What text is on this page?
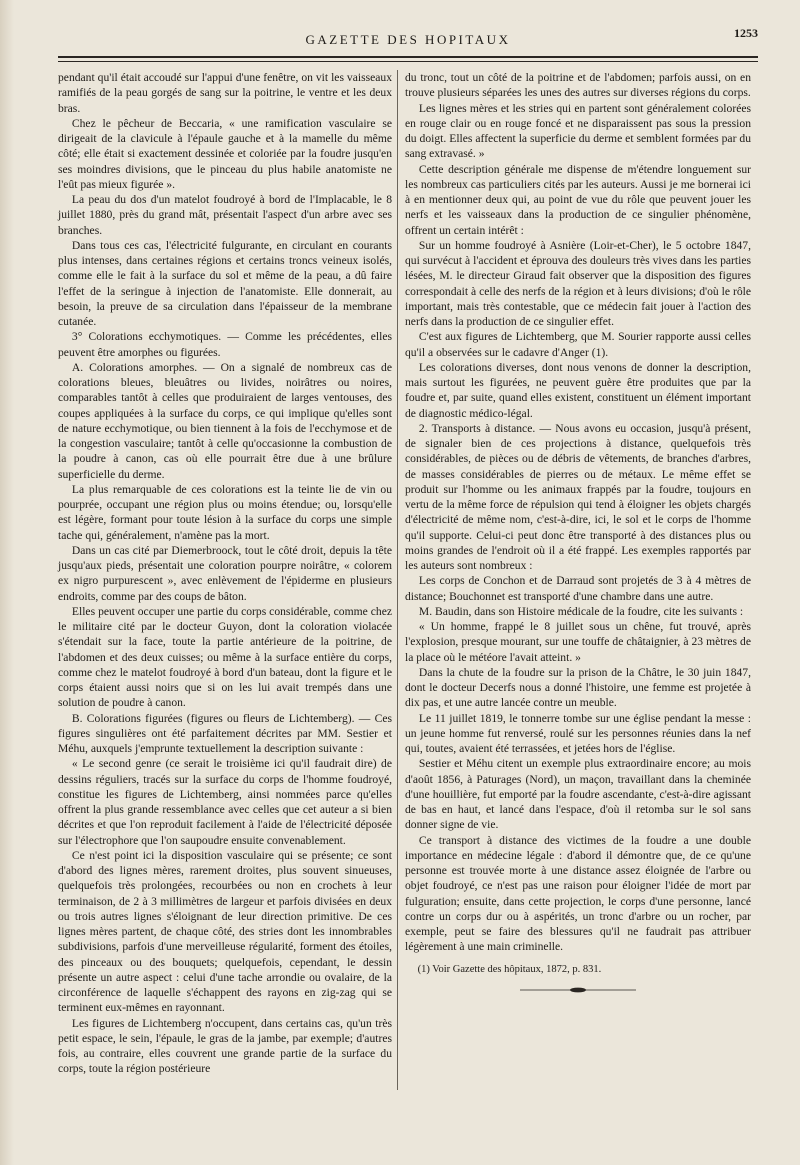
GAZETTE DES HOPITAUX	1253

pendant qu'il était accoudé sur l'appui d'une fenêtre, on vit les vaisseaux ramifiés de la peau gorgés de sang sur la poitrine, le ventre et les deux bras.

Chez le pêcheur de Beccaria, « une ramification vasculaire se dirigeait de la clavicule à l'épaule gauche et à la mamelle du même côté; elle était si exactement dessinée et coloriée par la foudre jusqu'en ses moindres divisions, que le pinceau du plus habile anatomiste ne l'eût pas mieux figurée ».

La peau du dos d'un matelot foudroyé à bord de l'Implacable, le 8 juillet 1880, près du grand mât, présentait l'aspect d'un arbre avec ses branches.

Dans tous ces cas, l'électricité fulgurante, en circulant en courants plus intenses, dans certaines régions et certains troncs veineux isolés, comme elle le fait à la surface du sol et même de la peau, a dû faire l'effet de la seringue à injection de l'anatomiste. Elle donnerait, au besoin, la preuve de sa circulation dans l'épaisseur de la membrane cutanée.

3° Colorations ecchymotiques. — Comme les précédentes, elles peuvent être amorphes ou figurées.

A. Colorations amorphes. — On a signalé de nombreux cas de colorations bleues, bleuâtres ou livides, noirâtres ou noires, comparables tantôt à celles que produiraient de larges ventouses, des coupes appliquées à la surface du corps, ce qui implique qu'elles sont de nature ecchymotique, ou bien tiennent à la fois de l'ecchymose et de la congestion vasculaire; tantôt à celle qu'occasionne la combustion de la poudre à canon, cas où elle pourrait être due à une brûlure superficielle du derme.

La plus remarquable de ces colorations est la teinte lie de vin ou pourprée, occupant une région plus ou moins étendue; ou, lorsqu'elle est légère, formant pour toute lésion à la surface du corps une simple tache qui, généralement, n'amène pas la mort.

Dans un cas cité par Diemerbroock, tout le côté droit, depuis la tête jusqu'aux pieds, présentait une coloration pourpre noirâtre, « colorem ex nigro purpurescent », avec enlèvement de l'épiderme en plusieurs endroits, comme par des coups de bâton.

Elles peuvent occuper une partie du corps considérable, comme chez le militaire cité par le docteur Guyon, dont la coloration violacée s'étendait sur la face, toute la partie antérieure de la poitrine, de l'abdomen et des deux cuisses; ou même à la surface entière du corps, comme chez le matelot foudroyé à bord d'un bateau, dont la figure et le corps étaient aussi noirs que si on les lui avait trempés dans une solution de poudre à canon.

B. Colorations figurées (figures ou fleurs de Lichtemberg). — Ces figures singulières ont été parfaitement décrites par MM. Sestier et Méhu, auxquels j'emprunte textuellement la description suivante :

« Le second genre (ce serait le troisième ici qu'il faudrait dire) de dessins réguliers, tracés sur la surface du corps de l'homme foudroyé, constitue les figures de Lichtemberg, ainsi nommées parce qu'elles offrent la plus grande ressemblance avec celles que cet auteur a si bien décrites et que l'on reproduit facilement à l'aide de l'électricité déposée sur l'électrophore que l'on saupoudre ensuite convenablement.

Ce n'est point ici la disposition vasculaire qui se présente; ce sont d'abord des lignes mères, rarement droites, plus souvent sinueuses, quelquefois très prolongées, recourbées ou non en crochets à leur terminaison, de 2 à 3 millimètres de largeur et parfois divisées en deux ou trois autres lignes s'éloignant de leur direction primitive. De ces lignes mères partent, de chaque côté, des stries dont les innombrables subdivisions, parfois d'une merveilleuse régularité, forment des étoiles, des pinceaux ou des bouquets; quelquefois, cependant, le dessin présente un autre aspect : celui d'une tache arrondie ou ovalaire, de la circonférence de laquelle s'échappent des rayons en zig-zag qui se terminent eux-mêmes en rayonnant.

Les figures de Lichtemberg n'occupent, dans certains cas, qu'un très petit espace, le sein, l'épaule, le gras de la jambe, par exemple; d'autres fois, au contraire, elles couvrent une grande partie de la surface du corps, toute la région postérieure

du tronc, tout un côté de la poitrine et de l'abdomen; parfois aussi, on en trouve plusieurs séparées les unes des autres sur diverses régions du corps.

Les lignes mères et les stries qui en partent sont généralement colorées en rouge clair ou en rouge foncé et ne disparaissent pas sous la pression du doigt. Elles affectent la superficie du derme et semblent formées par du sang extravasé. »

Cette description générale me dispense de m'étendre longuement sur les nombreux cas particuliers cités par les auteurs. Aussi je me bornerai ici à en mentionner deux qui, au point de vue du rôle que peuvent jouer les nerfs et les vaisseaux dans la production de ce singulier phénomène, offrent un certain intérêt :

Sur un homme foudroyé à Asnière (Loir-et-Cher), le 5 octobre 1847, qui survécut à l'accident et éprouva des douleurs très vives dans les parties lésées, M. le directeur Giraud fait observer que la disposition des figures correspondait à celle des nerfs de la région et à leurs divisions; d'où le rôle important, mais très contestable, que ce médecin fait jouer à l'action des nerfs dans la production de ce singulier effet.

C'est aux figures de Lichtemberg, que M. Sourier rapporte aussi celles qu'il a observées sur le cadavre d'Anger (1).

Les colorations diverses, dont nous venons de donner la description, mais surtout les figurées, ne peuvent guère être produites que par la foudre et, par suite, quand elles existent, constituent un élément important de diagnostic médico-légal.

2. Transports à distance. — Nous avons eu occasion, jusqu'à présent, de signaler bien de ces projections à distance, quelquefois très considérables, de pièces ou de débris de vêtements, de branches d'arbres, de masses considérables de pierres ou de métaux. Le même effet se produit sur l'homme ou les animaux frappés par la foudre, toujours en vertu de la même force de répulsion qui tend à éloigner les objets chargés d'électricité de même nom, c'est-à-dire, ici, le sol et le corps de l'homme qu'il supporte. Celui-ci peut donc être transporté à des distances plus ou moins grandes de l'endroit où il a été frappé. Les exemples rapportés par les auteurs sont nombreux :

Les corps de Conchon et de Darraud sont projetés de 3 à 4 mètres de distance; Bouchonnet est transporté d'une chambre dans une autre.

M. Baudin, dans son Histoire médicale de la foudre, cite les suivants :

« Un homme, frappé le 8 juillet sous un chêne, fut trouvé, après l'explosion, presque mourant, sur une touffe de châtaignier, à 23 mètres de la place où le météore l'avait atteint. »

Dans la chute de la foudre sur la prison de la Châtre, le 30 juin 1847, dont le docteur Decerfs nous a donné l'histoire, une femme est projetée à dix pas, et une autre lancée contre un meuble.

Le 11 juillet 1819, le tonnerre tombe sur une église pendant la messe : un jeune homme fut renversé, roulé sur les personnes réunies dans la nef qui, toutes, avaient été terrassées, et jetées hors de l'église.

Sestier et Méhu citent un exemple plus extraordinaire encore; au mois d'août 1856, à Paturages (Nord), un maçon, travaillant dans la cheminée d'une houillière, fut emporté par la foudre ascendante, c'est-à-dire agissant de bas en haut, et lancé dans l'espace, d'où il retomba sur le sol sans donner signe de vie.

Ce transport à distance des victimes de la foudre a une double importance en médecine légale : d'abord il démontre que, de ce qu'une personne est trouvée morte à une distance assez éloignée de l'arbre ou objet foudroyé, ce n'est pas une raison pour éloigner l'idée de mort par fulguration; ensuite, dans cette projection, le corps d'une personne, lancé contre un corps dur ou à aspérités, un tronc d'arbre ou un rocher, par exemple, peut se faire des blessures qu'il ne faudrait pas attribuer légèrement à une main criminelle.

(1) Voir Gazette des hôpitaux, 1872, p. 831.
